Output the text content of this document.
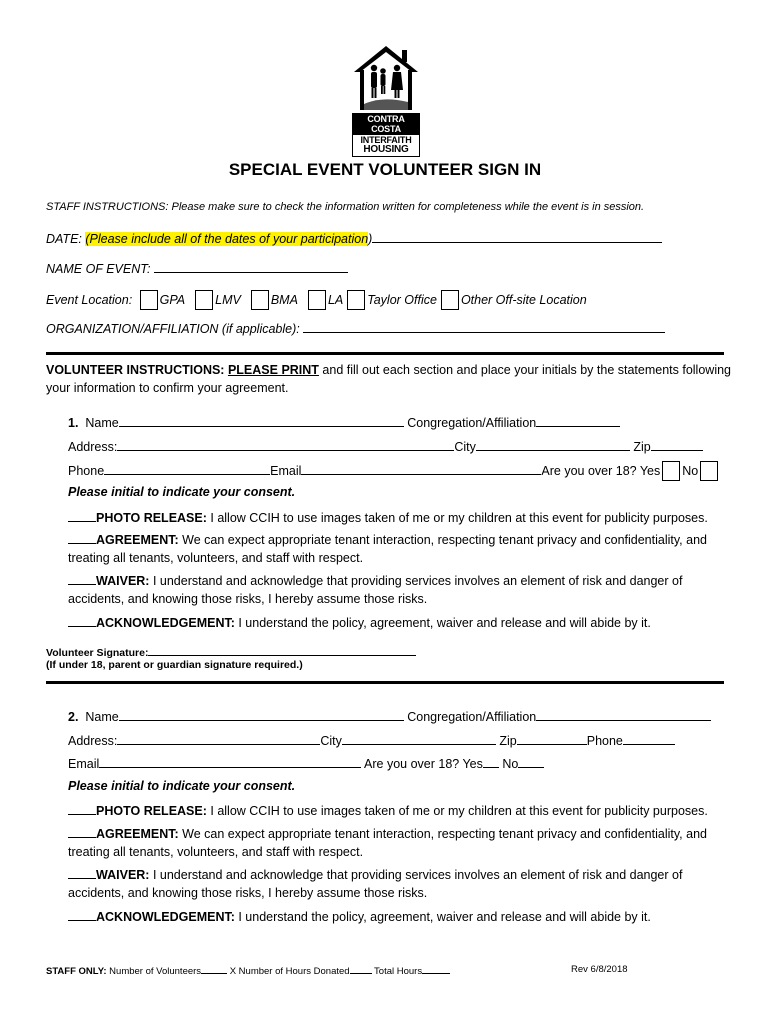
CONTRA COSTA
INTERFAITH
HOUSING
SPECIAL EVENT VOLUNTEER SIGN IN
STAFF INSTRUCTIONS: Please make sure to check the information written for completeness while the event is in session.
DATE: (Please include all of the dates of your participation)
NAME OF EVENT:
Event Location: GPA LMV BMA LA Taylor Office Other Off-site Location
ORGANIZATION/AFFILIATION (if applicable):
VOLUNTEER INSTRUCTIONS: PLEASE PRINT and fill out each section and place your initials by the statements following
your information to confirm your agreement.
1. Name	Congregation/Affiliation
Address:	City	Zip
Phone	Email	Are you over 18? Yes No
Please initial to indicate your consent.
PHOTO RELEASE: I allow CCIH to use images taken of me or my children at this event for publicity purposes.
AGREEMENT: We can expect appropriate tenant interaction, respecting tenant privacy and confidentiality, and
treating all tenants, volunteers, and staff with respect.
WAIVER: I understand and acknowledge that providing services involves an element of risk and danger of
accidents, and knowing those risks, I hereby assume those risks.
ACKNOWLEDGEMENT: I understand the policy, agreement, waiver and release and will abide by it.
Volunteer Signature:
(If under 18, parent or guardian signature required.)
2. Name	Congregation/Affiliation
Address:	City	Zip	Phone
Email	Are you over 18? Yes No
Please initial to indicate your consent.
PHOTO RELEASE: I allow CCIH to use images taken of me or my children at this event for publicity purposes.
AGREEMENT: We can expect appropriate tenant interaction, respecting tenant privacy and confidentiality, and
treating all tenants, volunteers, and staff with respect.
WAIVER: I understand and acknowledge that providing services involves an element of risk and danger of
accidents, and knowing those risks, I hereby assume those risks.
ACKNOWLEDGEMENT: I understand the policy, agreement, waiver and release and will abide by it.
STAFF ONLY: Number of Volunteers	X Number of Hours Donated Total Hours	Rev 6/8/2018
